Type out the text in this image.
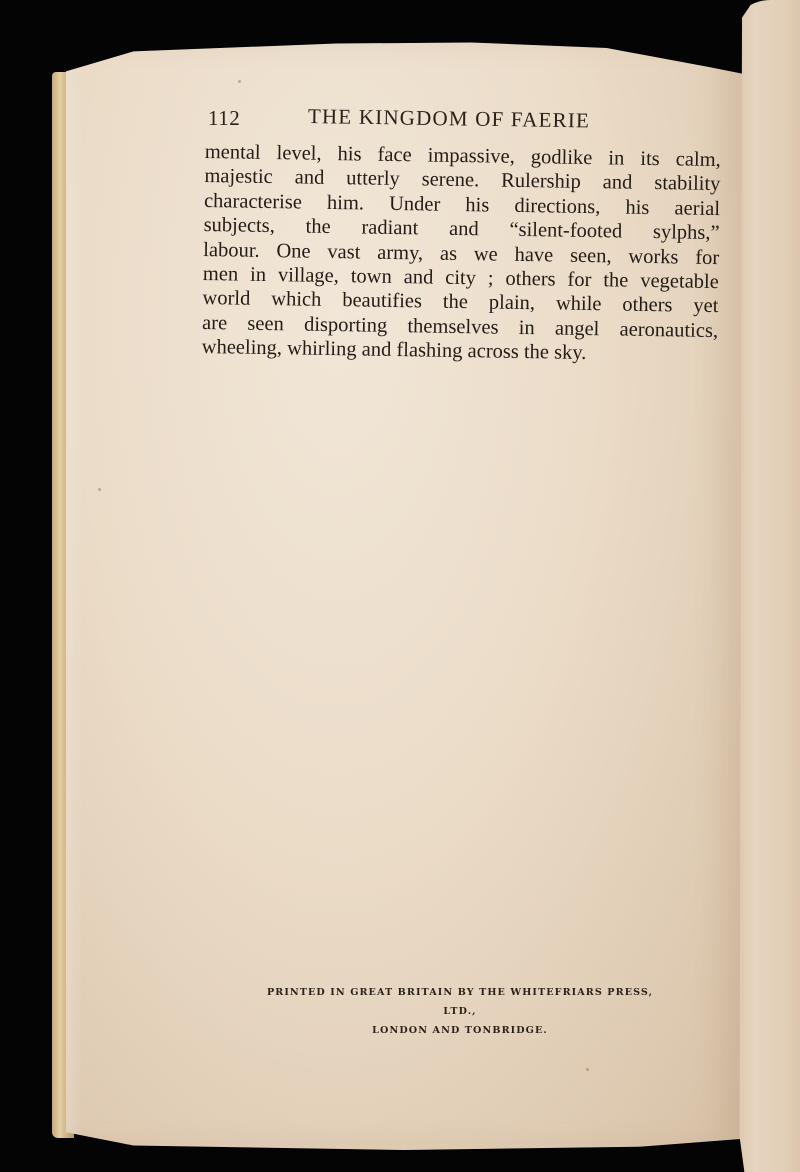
112	THE KINGDOM OF FAERIE
mental level, his face impassive, godlike in its calm,
majestic and utterly serene. Rulership and stability
characterise him. Under his directions, his aerial
subjects, the radiant and “silent-footed sylphs,”
labour. One vast army, as we have seen, works for
men in village, town and city ; others for the vegetable
world which beautifies the plain, while others yet
are seen disporting themselves in angel aeronautics,
wheeling, whirling and flashing across the sky.
PRINTED IN GREAT BRITAIN BY THE WHITEFRIARS PRESS, LTD.,
LONDON AND TONBRIDGE.
